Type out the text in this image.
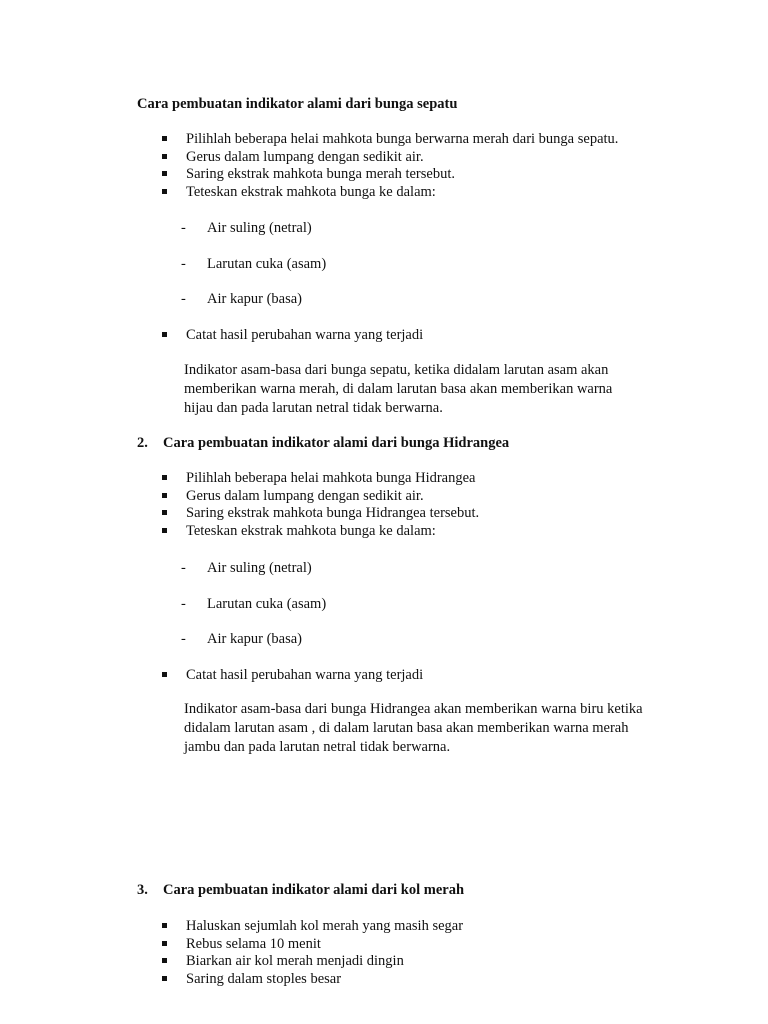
Cara pembuatan indikator alami dari bunga sepatu
Pilihlah beberapa helai mahkota bunga berwarna merah dari bunga sepatu.
Gerus dalam lumpang dengan sedikit air.
Saring ekstrak mahkota bunga merah tersebut.
Teteskan ekstrak mahkota bunga ke dalam:
- Air suling (netral)
- Larutan cuka (asam)
- Air kapur (basa)
Catat hasil perubahan warna yang terjadi
Indikator asam-basa dari bunga sepatu, ketika didalam larutan asam akan
memberikan warna merah, di dalam larutan basa akan memberikan warna
hijau dan pada larutan netral tidak berwarna.
2. Cara pembuatan indikator alami dari bunga Hidrangea
Pilihlah beberapa helai mahkota bunga Hidrangea
Gerus dalam lumpang dengan sedikit air.
Saring ekstrak mahkota bunga Hidrangea tersebut.
Teteskan ekstrak mahkota bunga ke dalam:
- Air suling (netral)
- Larutan cuka (asam)
- Air kapur (basa)
Catat hasil perubahan warna yang terjadi
Indikator asam-basa dari bunga Hidrangea akan memberikan warna biru ketika
didalam larutan asam , di dalam larutan basa akan memberikan warna merah
jambu dan pada larutan netral tidak berwarna.
3. Cara pembuatan indikator alami dari kol merah
Haluskan sejumlah kol merah yang masih segar
Rebus selama 10 menit
Biarkan air kol merah menjadi dingin
Saring dalam stoples besar
